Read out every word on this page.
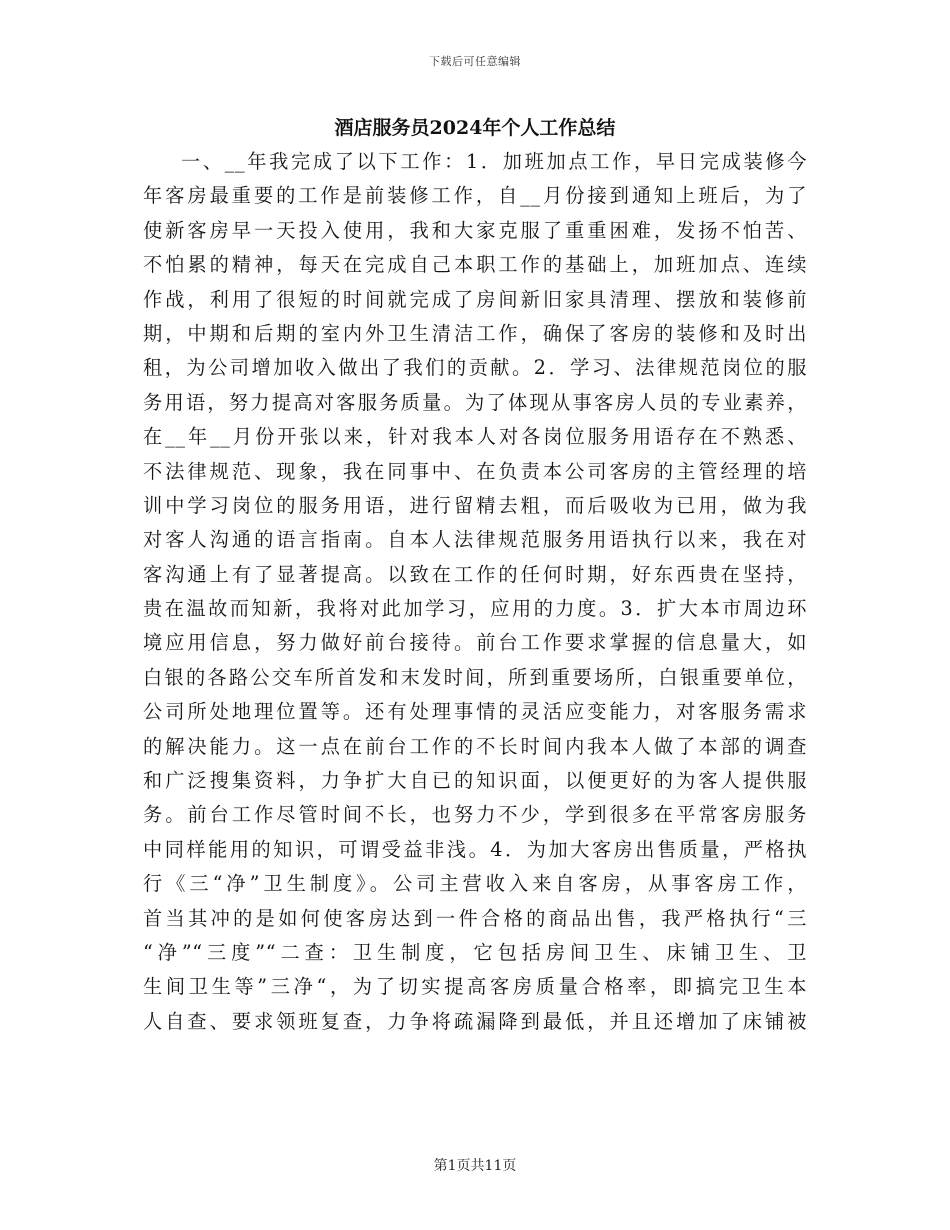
下载后可任意编辑
酒店服务员2024年个人工作总结
一、__年我完成了以下工作：1．加班加点工作，早日完成装修今
年客房最重要的工作是前装修工作，自__月份接到通知上班后，为了
使新客房早一天投入使用，我和大家克服了重重困难，发扬不怕苦、
不怕累的精神，每天在完成自己本职工作的基础上，加班加点、连续
作战，利用了很短的时间就完成了房间新旧家具清理、摆放和装修前
期，中期和后期的室内外卫生清洁工作，确保了客房的装修和及时出
租，为公司增加收入做出了我们的贡献。2．学习、法律规范岗位的服
务用语，努力提高对客服务质量。为了体现从事客房人员的专业素养，
在__年__月份开张以来，针对我本人对各岗位服务用语存在不熟悉、
不法律规范、现象，我在同事中、在负责本公司客房的主管经理的培
训中学习岗位的服务用语，进行留精去粗，而后吸收为已用，做为我
对客人沟通的语言指南。自本人法律规范服务用语执行以来，我在对
客沟通上有了显著提高。以致在工作的任何时期，好东西贵在坚持，
贵在温故而知新，我将对此加学习，应用的力度。3．扩大本市周边环
境应用信息，努力做好前台接待。前台工作要求掌握的信息量大，如
白银的各路公交车所首发和末发时间，所到重要场所，白银重要单位，
公司所处地理位置等。还有处理事情的灵活应变能力，对客服务需求
的解决能力。这一点在前台工作的不长时间内我本人做了本部的调查
和广泛搜集资料，力争扩大自已的知识面，以便更好的为客人提供服
务。前台工作尽管时间不长，也努力不少，学到很多在平常客房服务
中同样能用的知识，可谓受益非浅。4．为加大客房出售质量，严格执
行《三“净”卫生制度》。公司主营收入来自客房，从事客房工作，
首当其冲的是如何使客房达到一件合格的商品出售，我严格执行“三
“净”“三度”“二查：卫生制度，它包括房间卫生、床铺卫生、卫
生间卫生等”三净“，为了切实提高客房质量合格率，即搞完卫生本
人自查、要求领班复查，力争将疏漏降到最低，并且还增加了床铺被
第1页共11页
